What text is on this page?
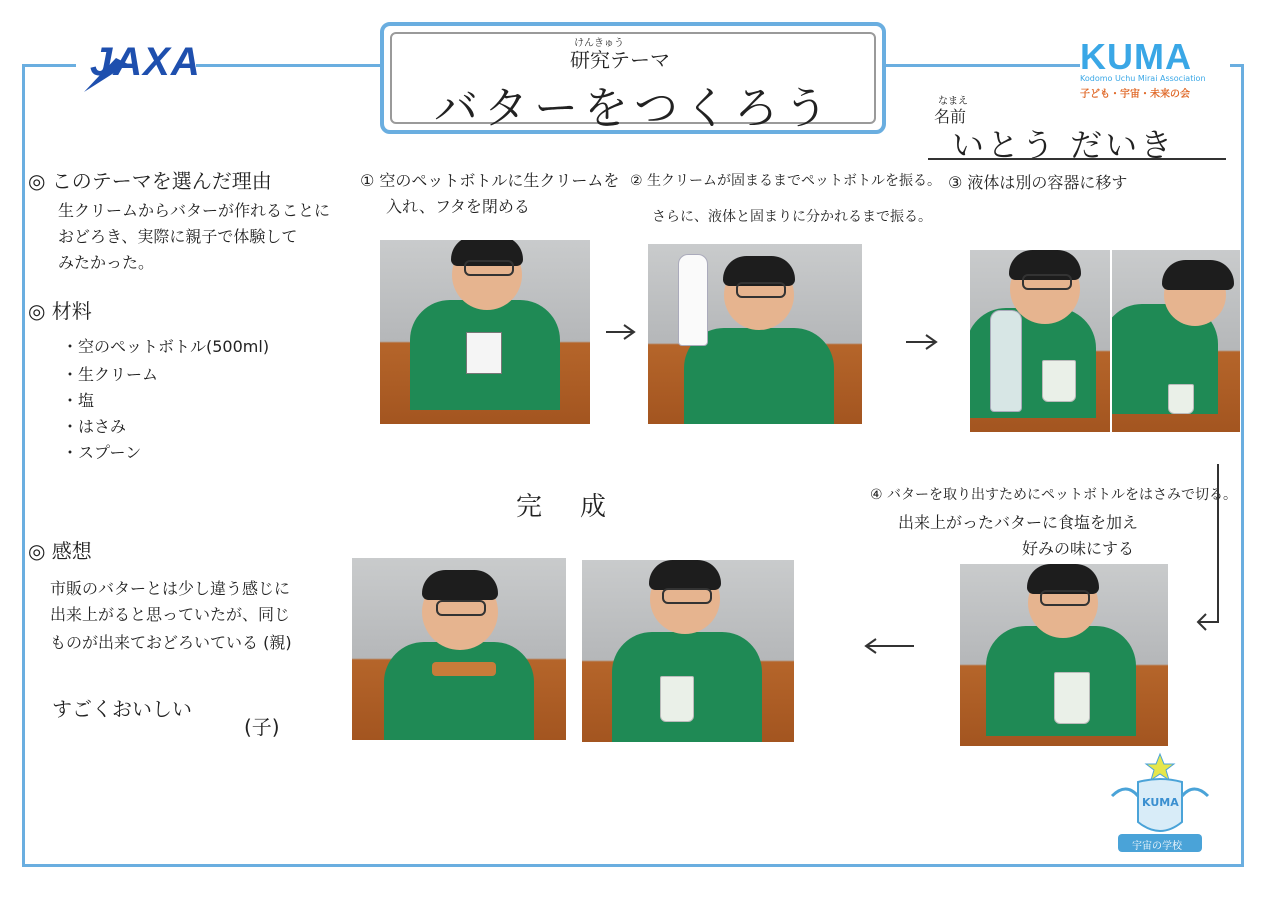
JAXA	けんきゅう
研究テーマ
バターをつくろう
KUMA
Kodomo Uchu Mirai Association
子ども・宇宙・未来の会
なまえ
名前
いとう だいき
◎ このテーマを選んだ理由
生クリームからバターが作れることに
おどろき、実際に親子で体験して
みたかった。
◎ 材料
・空のペットボトル(500ml)
・生クリーム
・塩
・はさみ
・スプーン
① 空のペットボトルに生クリームを
入れ、フタを閉める
② 生クリームが固まるまでペットボトルを振る。
さらに、液体と固まりに分かれるまで振る。
③ 液体は別の容器に移す
④ バターを取り出すためにペットボトルをはさみで切る。
出来上がったバターに食塩を加え
好みの味にする
完　成
◎ 感想
市販のバターとは少し違う感じに
出来上がると思っていたが、同じ
ものが出来ておどろいている (親)
すごくおいしい
(子)
KUMA
宇宙の学校
